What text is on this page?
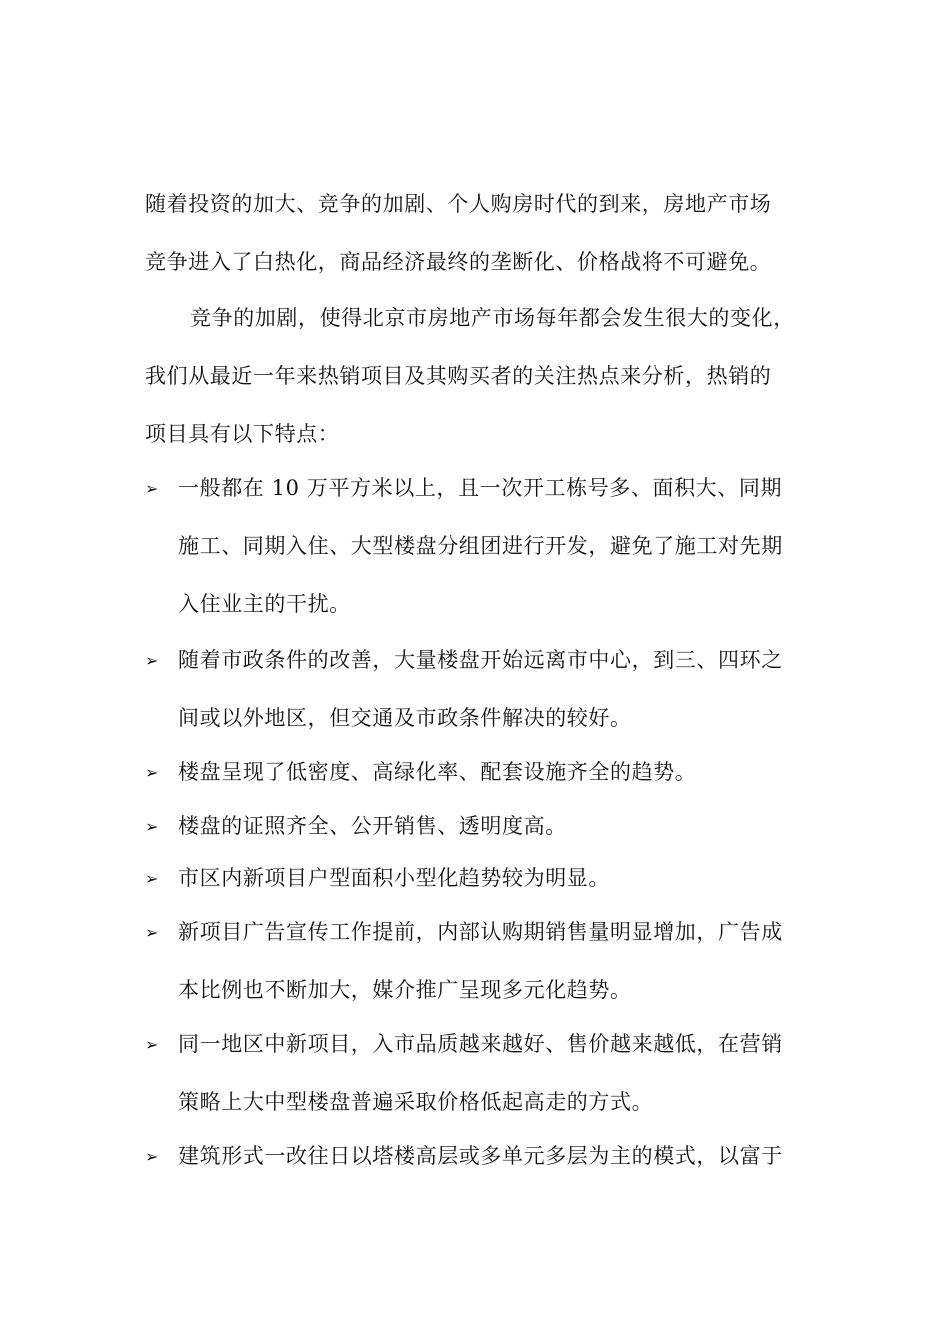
随着投资的加大、竞争的加剧、个人购房时代的到来，房地产市场
竞争进入了白热化，商品经济最终的垄断化、价格战将不可避免。
竞争的加剧，使得北京市房地产市场每年都会发生很大的变化，
我们从最近一年来热销项目及其购买者的关注热点来分析，热销的
项目具有以下特点：
➢ 一般都在 10 万平方米以上，且一次开工栋号多、面积大、同期
施工、同期入住、大型楼盘分组团进行开发，避免了施工对先期
入住业主的干扰。
➢ 随着市政条件的改善，大量楼盘开始远离市中心，到三、四环之
间或以外地区，但交通及市政条件解决的较好。
➢ 楼盘呈现了低密度、高绿化率、配套设施齐全的趋势。
➢ 楼盘的证照齐全、公开销售、透明度高。
➢ 市区内新项目户型面积小型化趋势较为明显。
➢ 新项目广告宣传工作提前，内部认购期销售量明显增加，广告成
本比例也不断加大，媒介推广呈现多元化趋势。
➢ 同一地区中新项目，入市品质越来越好、售价越来越低，在营销
策略上大中型楼盘普遍采取价格低起高走的方式。
➢ 建筑形式一改往日以塔楼高层或多单元多层为主的模式，以富于
